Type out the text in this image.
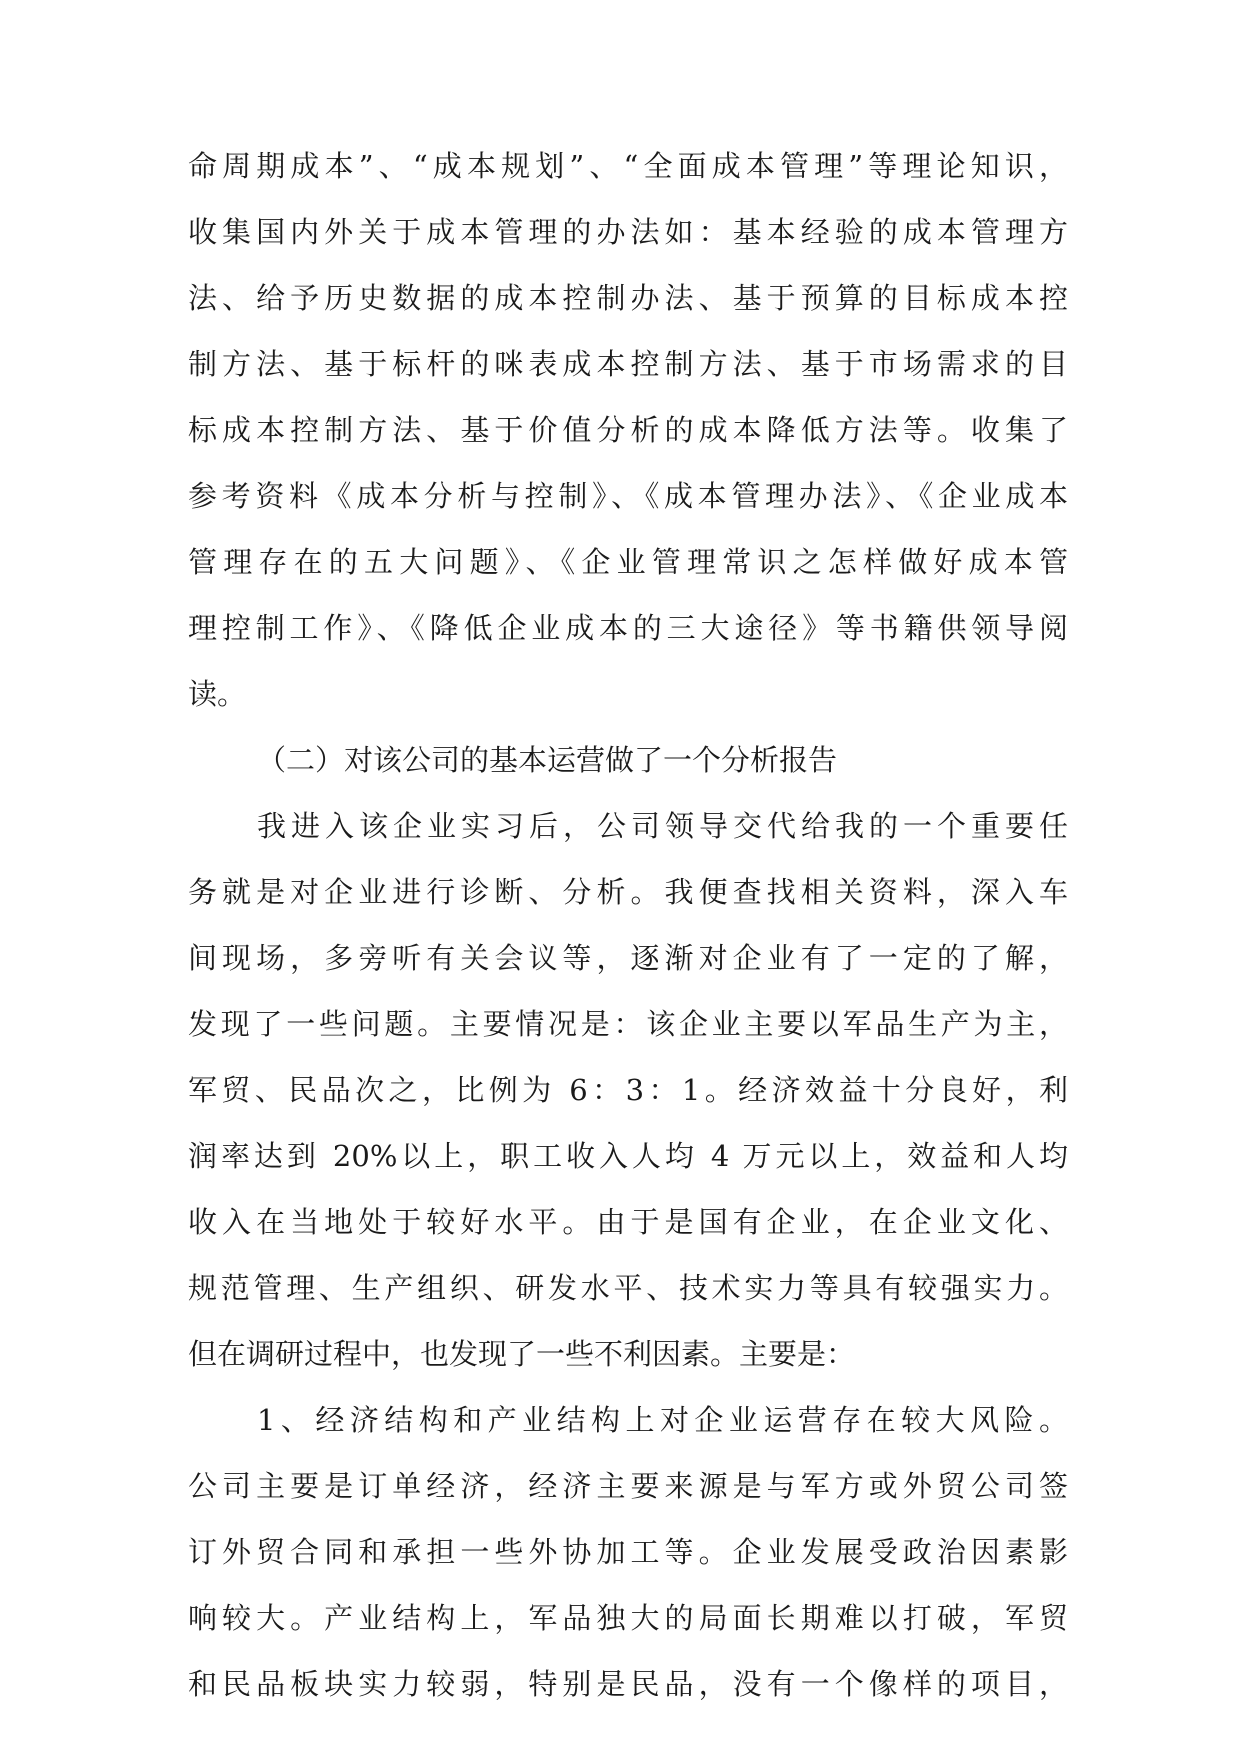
命周期成本”、“成本规划”、“全面成本管理”等理论知识，
收集国内外关于成本管理的办法如：基本经验的成本管理方
法、给予历史数据的成本控制办法、基于预算的目标成本控
制方法、基于标杆的咪表成本控制方法、基于市场需求的目
标成本控制方法、基于价值分析的成本降低方法等。收集了
参考资料《成本分析与控制》、《成本管理办法》、《企业成本
管理存在的五大问题》、《企业管理常识之怎样做好成本管
理控制工作》、《降低企业成本的三大途径》等书籍供领导阅
读。
（二）对该公司的基本运营做了一个分析报告
我进入该企业实习后，公司领导交代给我的一个重要任
务就是对企业进行诊断、分析。我便查找相关资料，深入车
间现场，多旁听有关会议等，逐渐对企业有了一定的了解，
发现了一些问题。主要情况是：该企业主要以军品生产为主，
军贸、民品次之，比例为 6：3：1。经济效益十分良好，利
润率达到 20%以上，职工收入人均 4 万元以上，效益和人均
收入在当地处于较好水平。由于是国有企业，在企业文化、
规范管理、生产组织、研发水平、技术实力等具有较强实力。
但在调研过程中，也发现了一些不利因素。主要是：
1、经济结构和产业结构上对企业运营存在较大风险。
公司主要是订单经济，经济主要来源是与军方或外贸公司签
订外贸合同和承担一些外协加工等。企业发展受政治因素影
响较大。产业结构上，军品独大的局面长期难以打破，军贸
和民品板块实力较弱，特别是民品，没有一个像样的项目，
